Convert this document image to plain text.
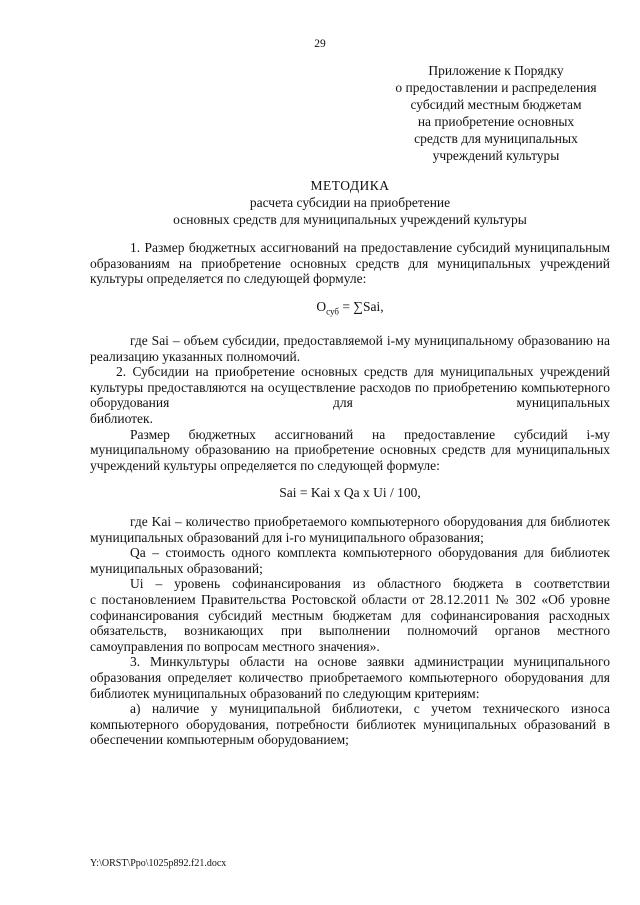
29
Приложение к Порядку
о предоставлении и распределения
субсидий местным бюджетам
на приобретение основных
средств для муниципальных
учреждений культуры
МЕТОДИКА
расчета субсидии на приобретение
основных средств для муниципальных учреждений культуры

1. Размер бюджетных ассигнований на предоставление субсидий муниципальным образованиям на приобретение основных средств для муниципальных учреждений культуры определяется по следующей формуле:

$О_{суб} = \sum Sai$,

где Sai – объем субсидии, предоставляемой i-му муниципальному образованию на реализацию указанных полномочий.

2. Субсидии на приобретение основных средств для муниципальных учреждений культуры предоставляются на осуществление расходов по приобретению компьютерного оборудования для муниципальных

библиотек.

Размер бюджетных ассигнований на предоставление субсидий i-му муниципальному образованию на приобретение основных средств для муниципальных учреждений культуры определяется по следующей формуле:

Sai = Kai x Qa x Ui / 100,

где Kai – количество приобретаемого компьютерного оборудования для библиотек муниципальных образований для i-го муниципального образования;

Qa – стоимость одного комплекта компьютерного оборудования для библиотек муниципальных образований;

Ui – уровень софинансирования из областного бюджета в соответствии

с постановлением Правительства Ростовской области от 28.12.2011 № 302 «Об уровне софинансирования субсидий местным бюджетам для софинансирования расходных обязательств, возникающих при выполнении полномочий органов местного самоуправления по вопросам местного значения».

3. Минкультуры области на основе заявки администрации муниципального образования определяет количество приобретаемого компьютерного оборудования для библиотек муниципальных образований по следующим критериям:

а) наличие у муниципальной библиотеки, с учетом технического износа компьютерного оборудования, потребности библиотек муниципальных образований в обеспечении компьютерным оборудованием;

Y:\ORST\Ppo\1025p892.f21.docx
